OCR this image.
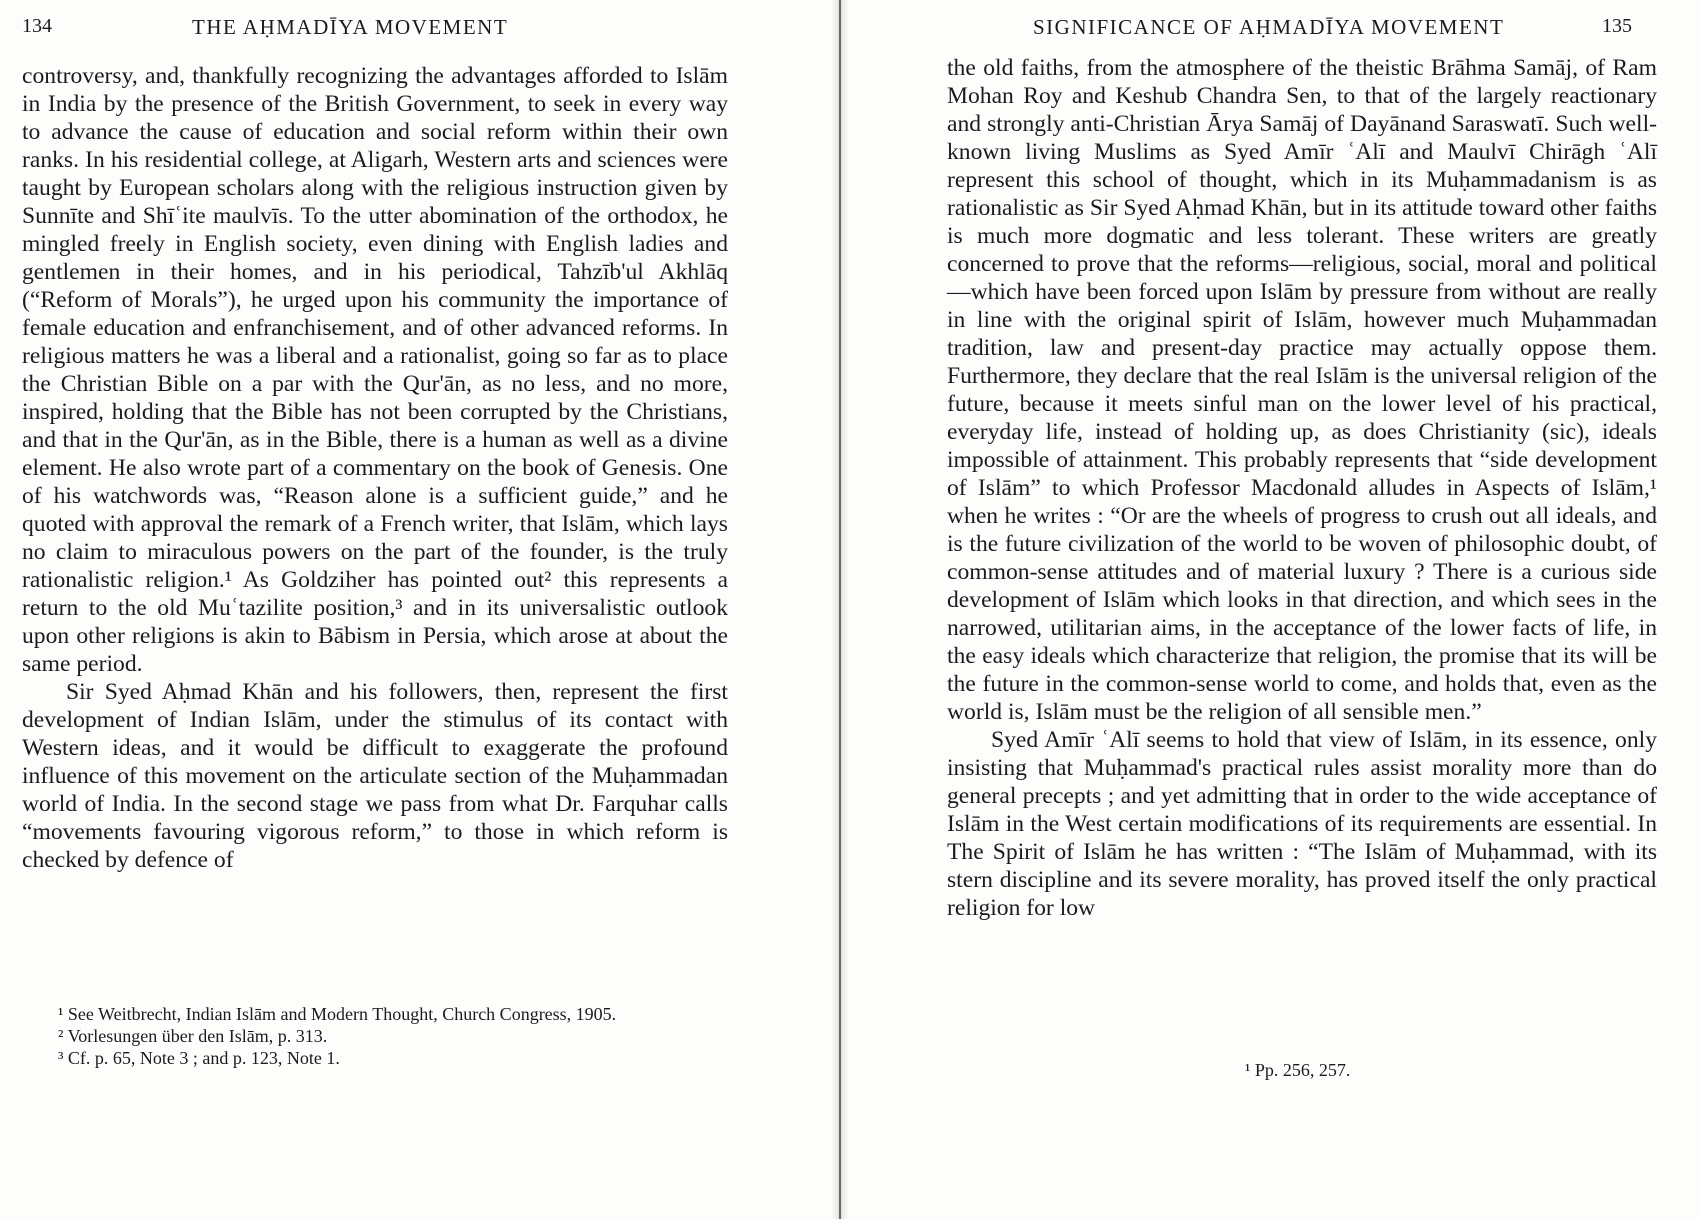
134	THE AḤMADĪYA MOVEMENT

controversy, and, thankfully recognizing the advantages afforded to Islām in India by the presence of the British Government, to seek in every way to advance the cause of education and social reform within their own ranks. In his residential college, at Aligarh, Western arts and sciences were taught by European scholars along with the religious instruction given by Sunnīte and Shīʿite maulvīs. To the utter abomination of the orthodox, he mingled freely in English society, even dining with English ladies and gentlemen in their homes, and in his periodical, Tahzīb'ul Akhlāq (“Reform of Morals”), he urged upon his community the importance of female education and enfranchisement, and of other advanced reforms. In religious matters he was a liberal and a rationalist, going so far as to place the Christian Bible on a par with the Qur'ān, as no less, and no more, inspired, holding that the Bible has not been corrupted by the Christians, and that in the Qur'ān, as in the Bible, there is a human as well as a divine element. He also wrote part of a commentary on the book of Genesis. One of his watchwords was, “Reason alone is a sufficient guide,” and he quoted with approval the remark of a French writer, that Islām, which lays no claim to miraculous powers on the part of the founder, is the truly rationalistic religion.¹ As Goldziher has pointed out² this represents a return to the old Muʿtazilite position,³ and in its universalistic outlook upon other religions is akin to Bābism in Persia, which arose at about the same period.

Sir Syed Aḥmad Khān and his followers, then, represent the first development of Indian Islām, under the stimulus of its contact with Western ideas, and it would be difficult to exaggerate the profound influence of this movement on the articulate section of the Muḥammadan world of India. In the second stage we pass from what Dr. Farquhar calls “movements favouring vigorous reform,” to those in which reform is checked by defence of

¹ See Weitbrecht, Indian Islām and Modern Thought, Church Congress, 1905.

² Vorlesungen über den Islām, p. 313.

³ Cf. p. 65, Note 3 ; and p. 123, Note 1.

SIGNIFICANCE OF AḤMADĪYA MOVEMENT	135

the old faiths, from the atmosphere of the theistic Brāhma Samāj, of Ram Mohan Roy and Keshub Chandra Sen, to that of the largely reactionary and strongly anti-Christian Ārya Samāj of Dayānand Saraswatī. Such well-known living Muslims as Syed Amīr ʿAlī and Maulvī Chirāgh ʿAlī represent this school of thought, which in its Muḥammadanism is as rationalistic as Sir Syed Aḥmad Khān, but in its attitude toward other faiths is much more dogmatic and less tolerant. These writers are greatly concerned to prove that the reforms—religious, social, moral and political—which have been forced upon Islām by pressure from without are really in line with the original spirit of Islām, however much Muḥammadan tradition, law and present-day practice may actually oppose them. Furthermore, they declare that the real Islām is the universal religion of the future, because it meets sinful man on the lower level of his practical, everyday life, instead of holding up, as does Christianity (sic), ideals impossible of attainment. This probably represents that “side development of Islām” to which Professor Macdonald alludes in Aspects of Islām,¹ when he writes : “Or are the wheels of progress to crush out all ideals, and is the future civilization of the world to be woven of philosophic doubt, of common-sense attitudes and of material luxury ? There is a curious side development of Islām which looks in that direction, and which sees in the narrowed, utilitarian aims, in the acceptance of the lower facts of life, in the easy ideals which characterize that religion, the promise that its will be the future in the common-sense world to come, and holds that, even as the world is, Islām must be the religion of all sensible men.”

Syed Amīr ʿAlī seems to hold that view of Islām, in its essence, only insisting that Muḥammad's practical rules assist morality more than do general precepts ; and yet admitting that in order to the wide acceptance of Islām in the West certain modifications of its requirements are essential. In The Spirit of Islām he has written : “The Islām of Muḥammad, with its stern discipline and its severe morality, has proved itself the only practical religion for low

¹ Pp. 256, 257.
